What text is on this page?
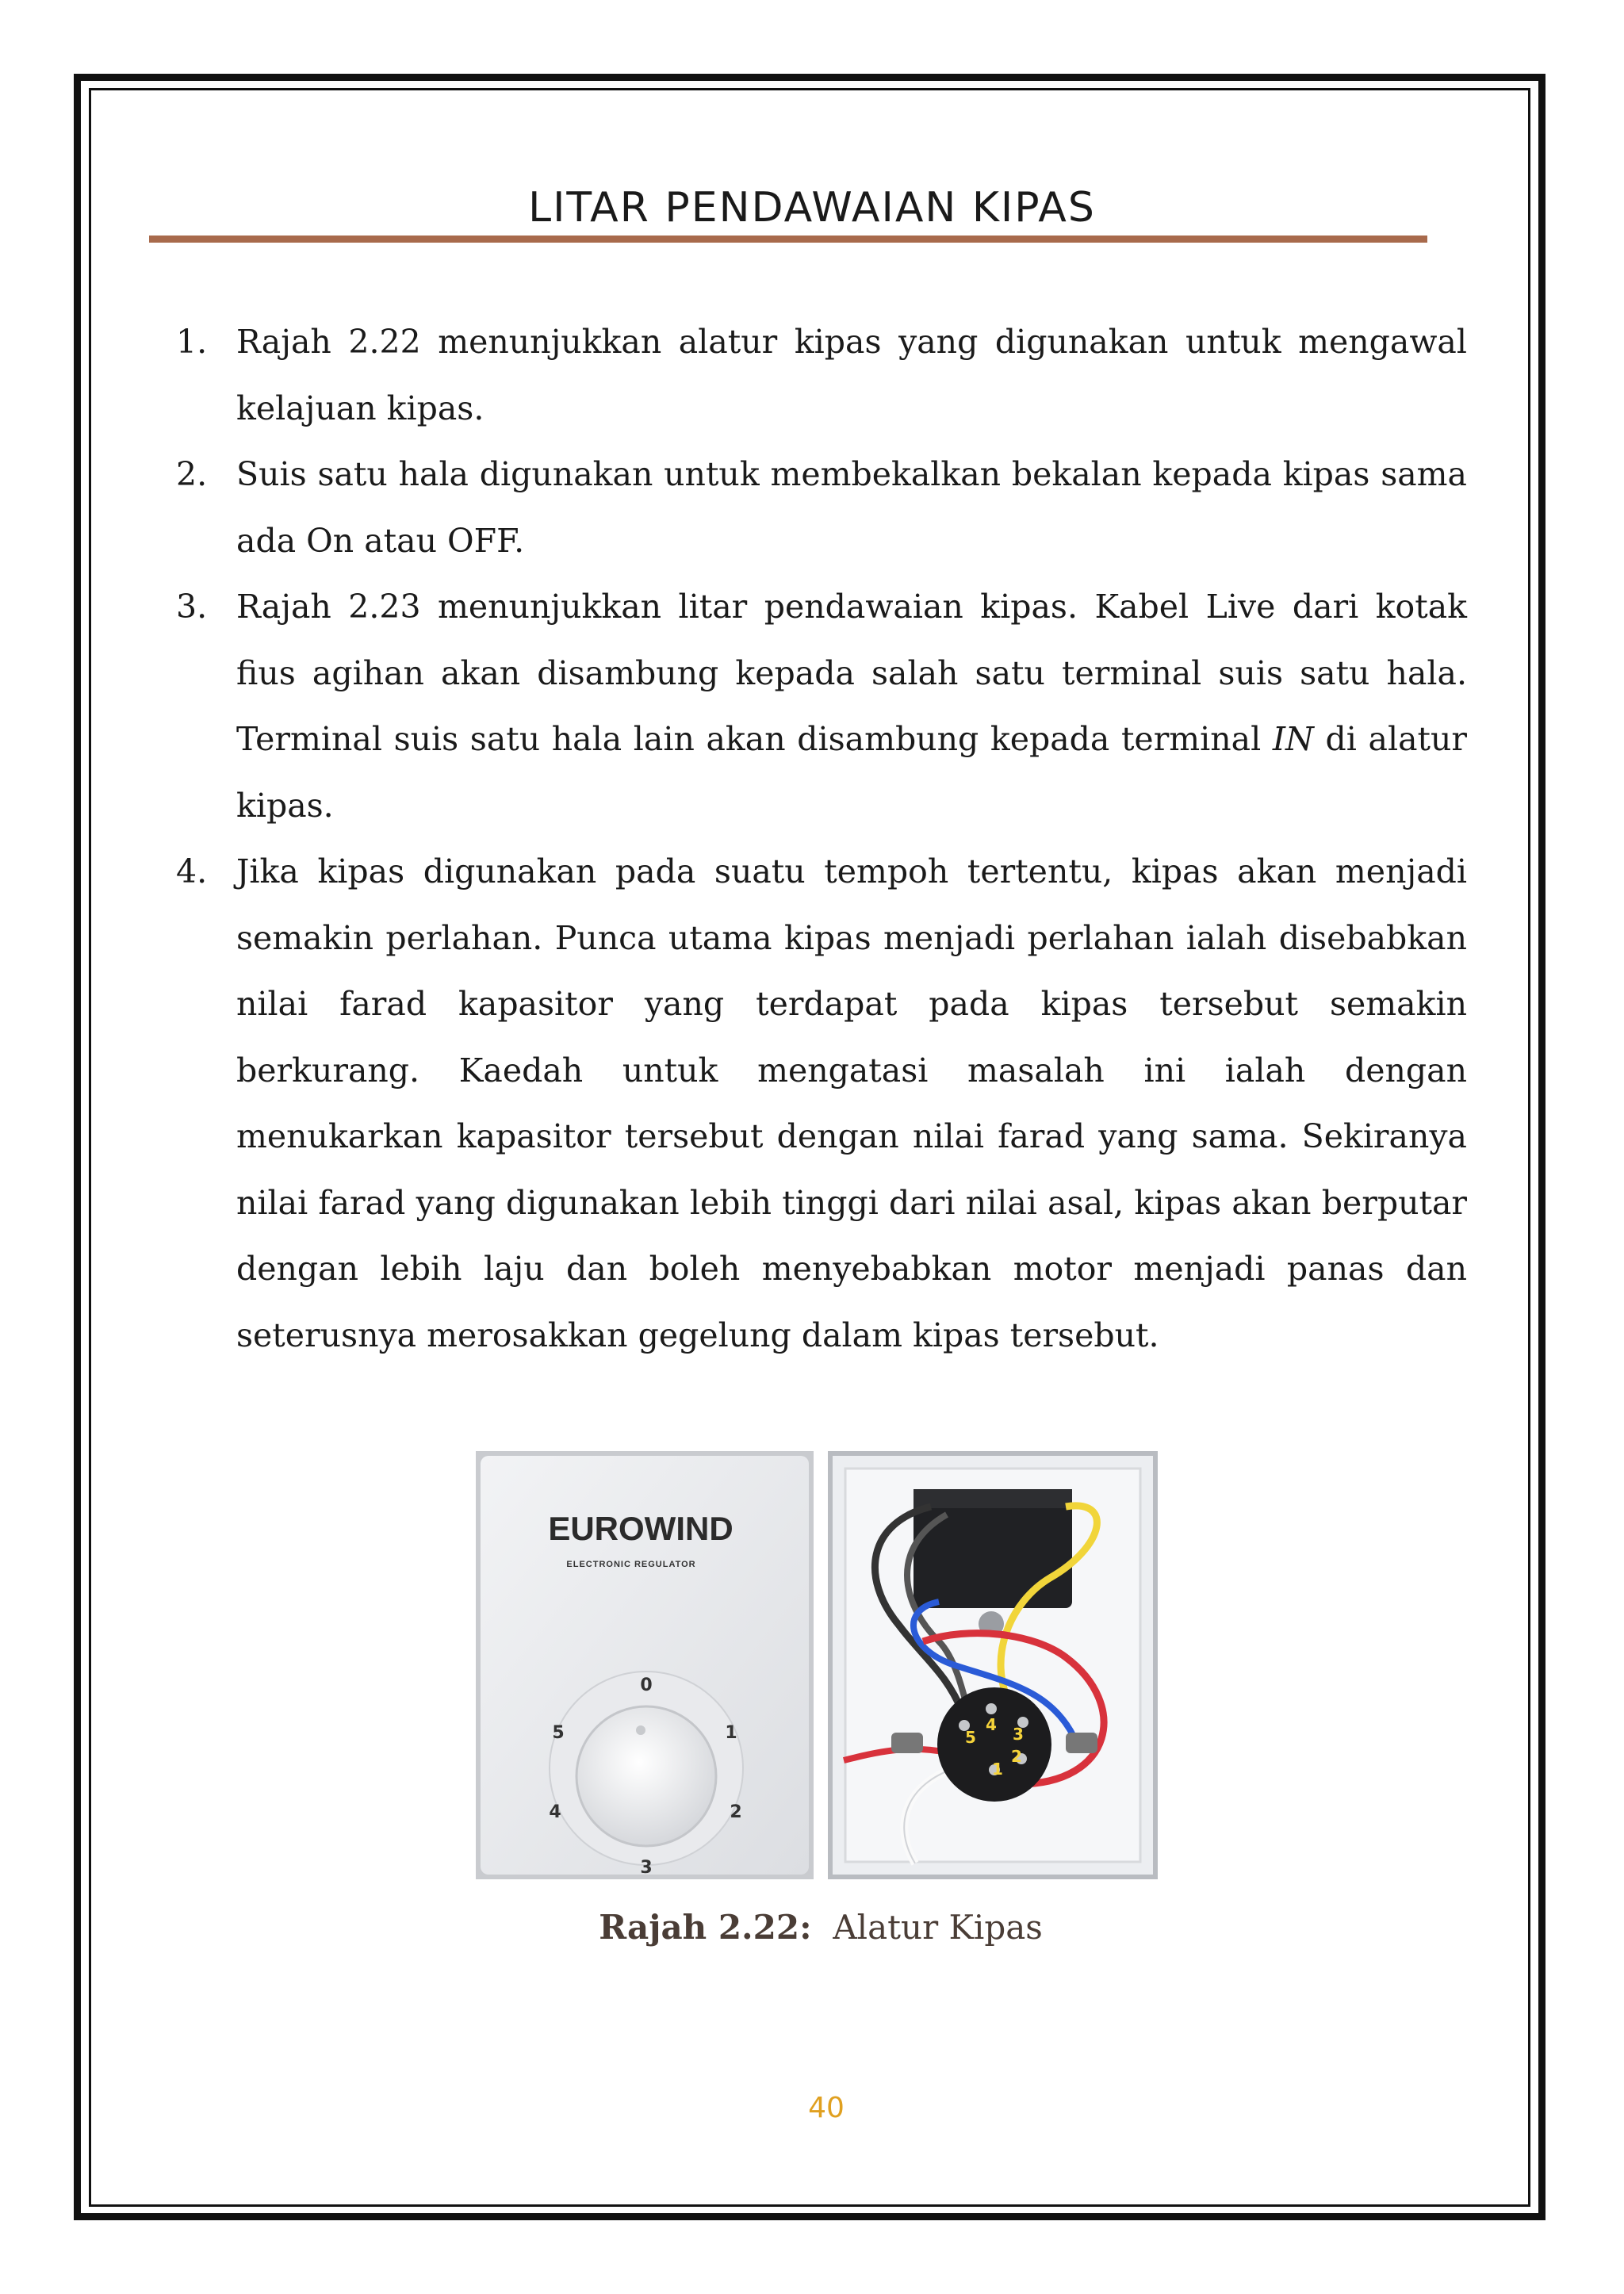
LITAR PENDAWAIAN KIPAS
1. Rajah 2.22 menunjukkan alatur kipas yang digunakan untuk mengawal kelajuan kipas.
2. Suis satu hala digunakan untuk membekalkan bekalan kepada kipas sama ada On atau OFF.
3. Rajah 2.23 menunjukkan litar pendawaian kipas. Kabel Live dari kotak fius agihan akan disambung kepada salah satu terminal suis satu hala. Terminal suis satu hala lain akan disambung kepada terminal IN di alatur kipas.
4. Jika kipas digunakan pada suatu tempoh tertentu, kipas akan menjadi semakin perlahan. Punca utama kipas menjadi perlahan ialah disebabkan nilai farad kapasitor yang terdapat pada kipas tersebut semakin berkurang. Kaedah untuk mengatasi masalah ini ialah dengan menukarkan kapasitor tersebut dengan nilai farad yang sama. Sekiranya nilai farad yang digunakan lebih tinggi dari nilai asal, kipas akan berputar dengan lebih laju dan boleh menyebabkan motor menjadi panas dan seterusnya merosakkan gegelung dalam kipas tersebut.
EUROWIND
ELECTRONIC REGULATOR
0
1
2
3
4
5
1
2
3
4
5
Rajah 2.22: Alatur Kipas
40
